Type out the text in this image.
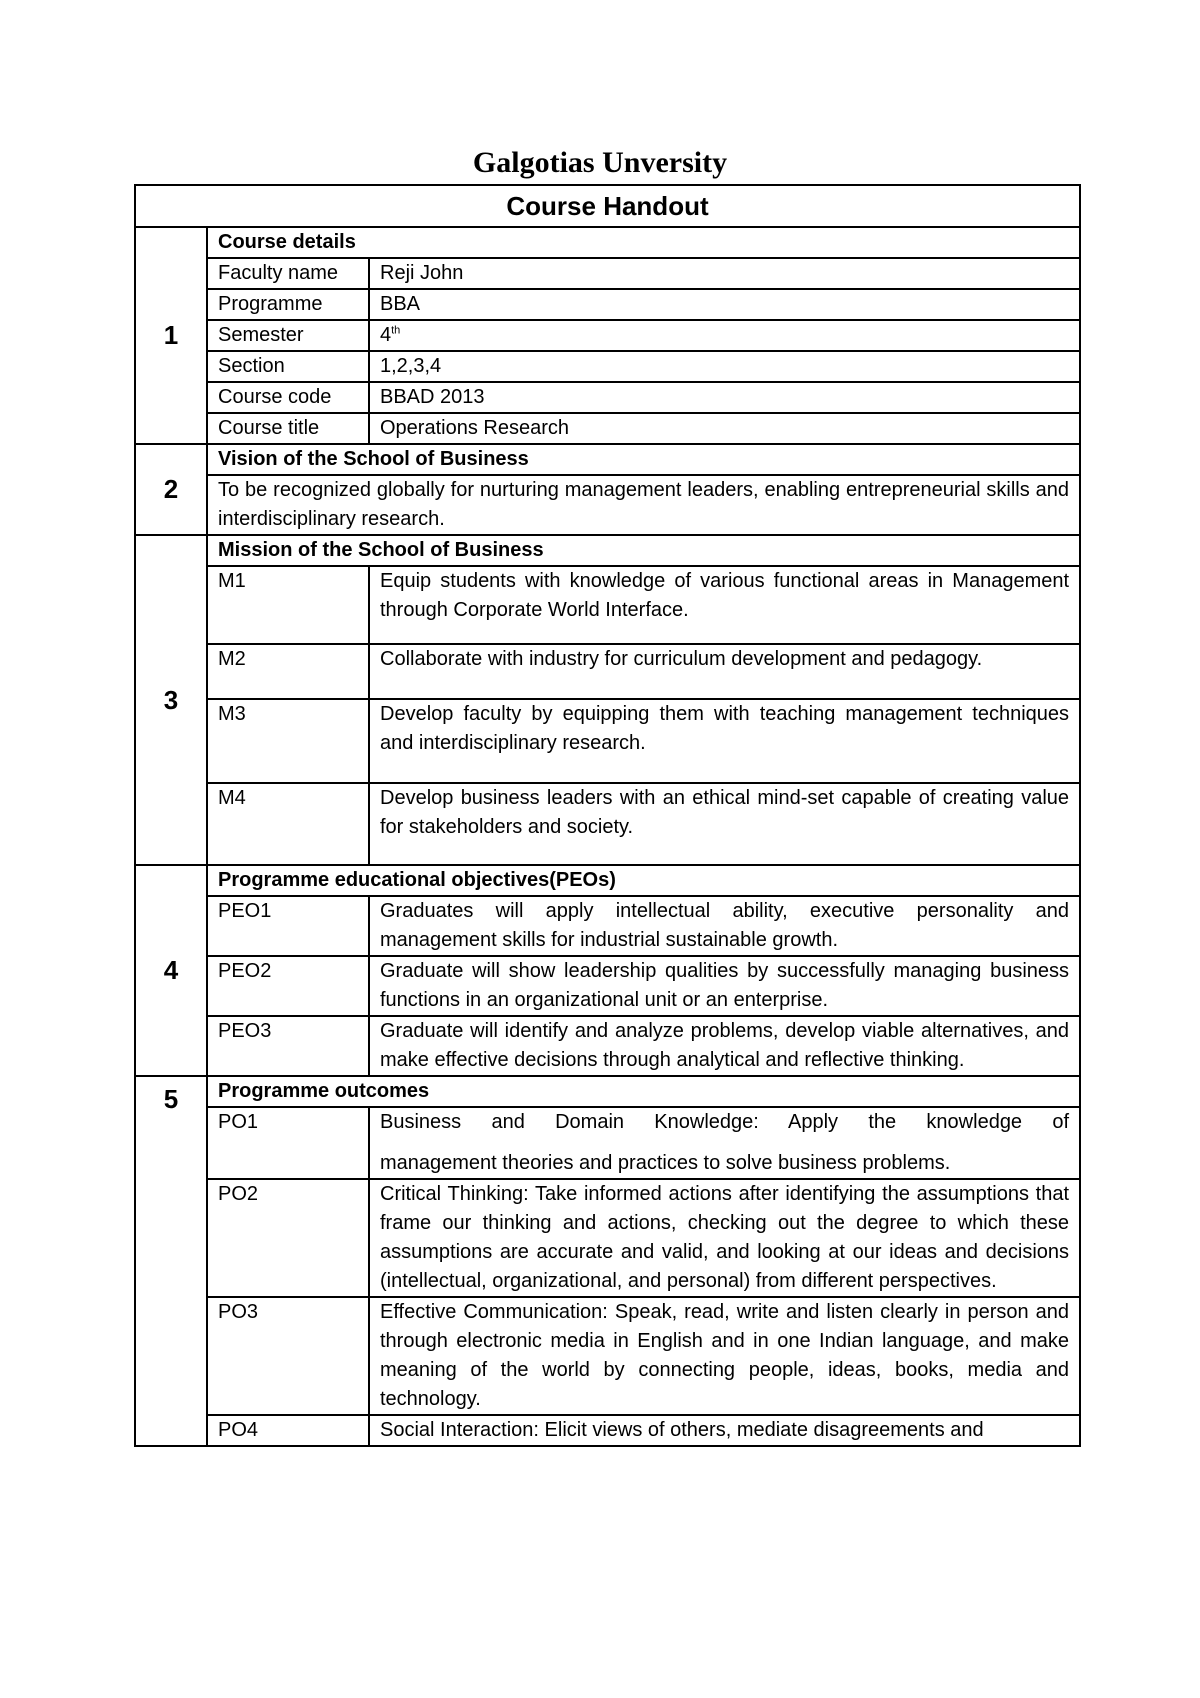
Galgotias Unversity
Course Handout		
1	Course details	
	Faculty name	Reji John
	Programme	BBA
	Semester	4th
	Section	1,2,3,4
	Course code	BBAD 2013
	Course title	Operations Research
2	Vision of the School of Business	
	To be recognized globally for nurturing management leaders, enabling entrepreneurial skills and interdisciplinary research.	
3	Mission of the School of Business	
	M1	Equip students with knowledge of various functional areas in Management through Corporate World Interface.
	M2	Collaborate with industry for curriculum development and pedagogy.
	M3	Develop faculty by equipping them with teaching management techniques and interdisciplinary research.
	M4	Develop business leaders with an ethical mind-set capable of creating value for stakeholders and society.
4	Programme educational objectives(PEOs)	
	PEO1	Graduates will apply intellectual ability, executive personality and management skills for industrial sustainable growth.
	PEO2	Graduate will show leadership qualities by successfully managing business functions in an organizational unit or an enterprise.
	PEO3	Graduate will identify and analyze problems, develop viable alternatives, and make effective decisions through analytical and reflective thinking.
5	Programme outcomes	
	PO1	Business and Domain Knowledge: Apply the knowledge of
management theories and practices to solve business problems.

	PO2	Critical Thinking: Take informed actions after identifying the assumptions that frame our thinking and actions, checking out the degree to which these assumptions are accurate and valid, and looking at our ideas and decisions (intellectual, organizational, and personal) from different perspectives.
	PO3	Effective Communication: Speak, read, write and listen clearly in person and through electronic media in English and in one Indian language, and make meaning of the world by connecting people, ideas, books, media and technology.
	PO4	Social Interaction: Elicit views of others, mediate disagreements and
